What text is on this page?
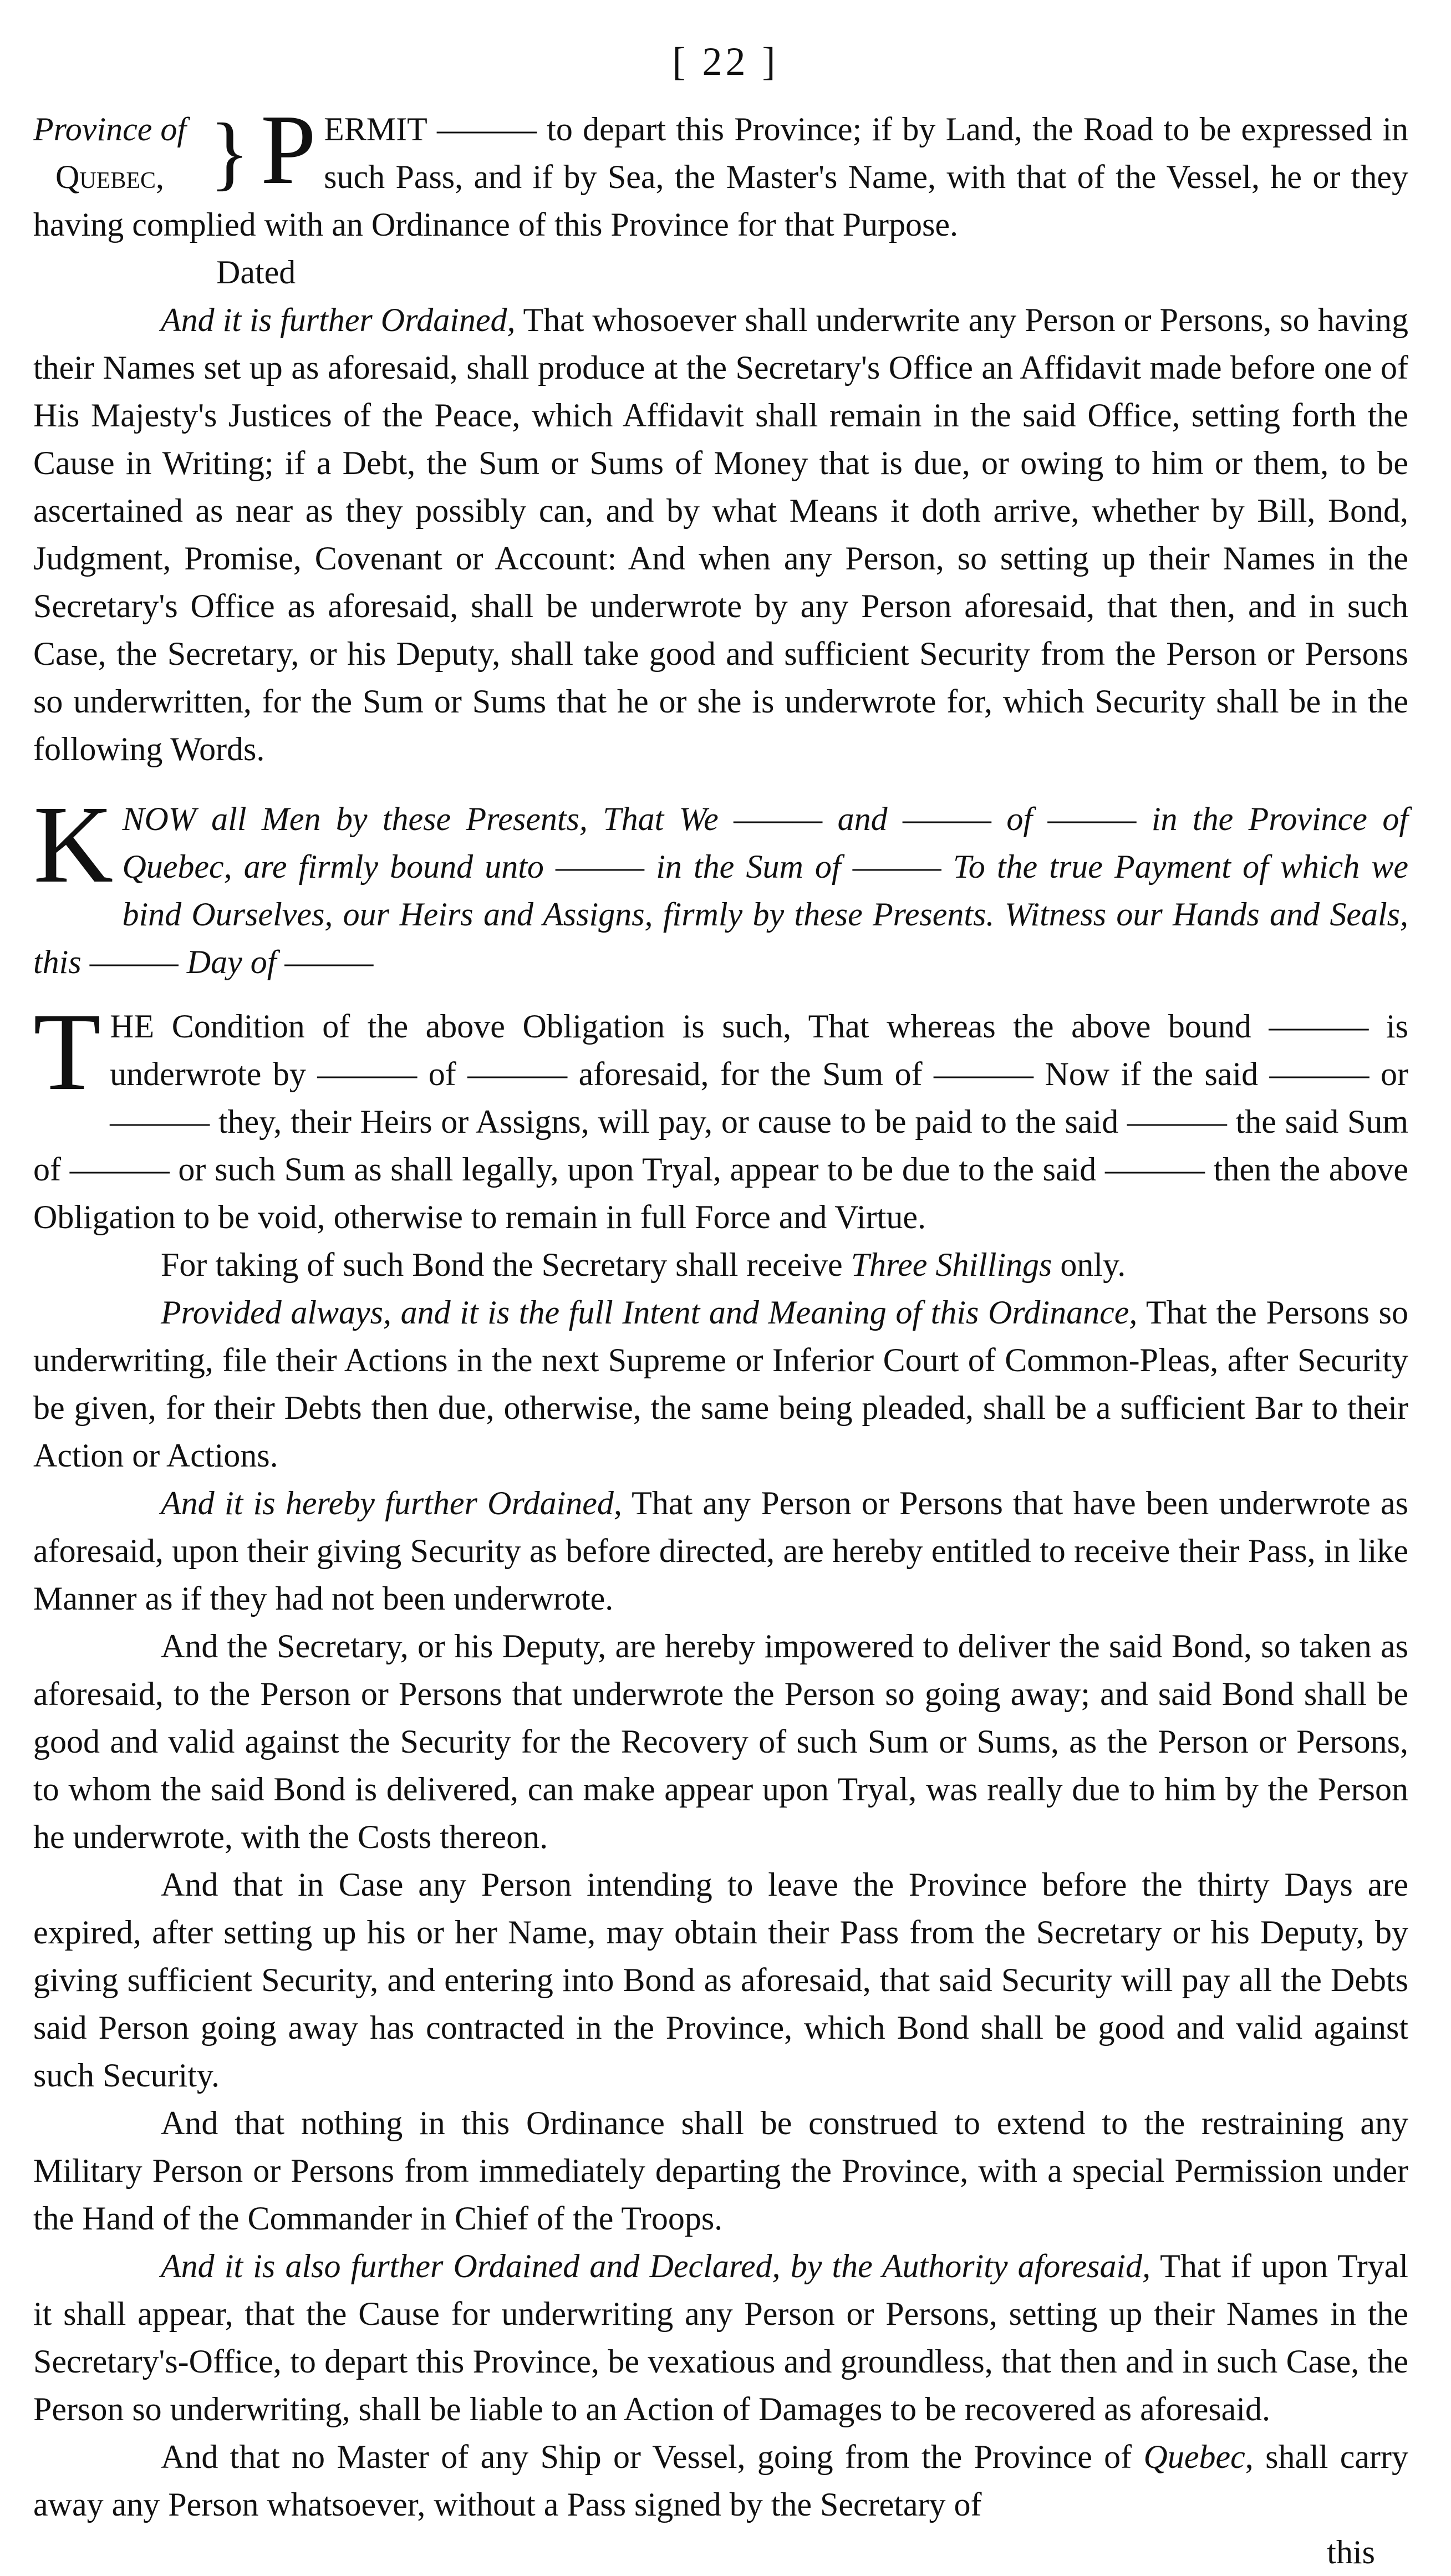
[ 22 ]
Province of
Quebec, } P ERMIT ——— to depart this Province; if by Land, the Road to be expressed in such Pass, and if by Sea, the Master's Name, with that of the Vessel, he or they having complied with an Ordinance of this Province for that Purpose.

Dated

And it is further Ordained, That whosoever shall underwrite any Person or Persons, so having their Names set up as aforesaid, shall produce at the Secretary's Office an Affidavit made before one of His Majesty's Justices of the Peace, which Affidavit shall remain in the said Office, setting forth the Cause in Writing; if a Debt, the Sum or Sums of Money that is due, or owing to him or them, to be ascertained as near as they possibly can, and by what Means it doth arrive, whether by Bill, Bond, Judgment, Promise, Covenant or Account: And when any Person, so setting up their Names in the Secretary's Office as aforesaid, shall be underwrote by any Person aforesaid, that then, and in such Case, the Secretary, or his Deputy, shall take good and sufficient Security from the Person or Persons so underwritten, for the Sum or Sums that he or she is underwrote for, which Security shall be in the following Words.

K NOW all Men by these Presents, That We ——— and ——— of ——— in the Province of Quebec, are firmly bound unto ——— in the Sum of ——— To the true Payment of which we bind Ourselves, our Heirs and Assigns, firmly by these Presents. Witness our Hands and Seals, this ——— Day of ———
T HE Condition of the above Obligation is such, That whereas the above bound ——— is underwrote by ——— of ——— aforesaid, for the Sum of ——— Now if the said ——— or ——— they, their Heirs or Assigns, will pay, or cause to be paid to the said ——— the said Sum of ——— or such Sum as shall legally, upon Tryal, appear to be due to the said ——— then the above Obligation to be void, otherwise to remain in full Force and Virtue.

For taking of such Bond the Secretary shall receive Three Shillings only.

Provided always, and it is the full Intent and Meaning of this Ordinance, That the Persons so underwriting, file their Actions in the next Supreme or Inferior Court of Common-Pleas, after Security be given, for their Debts then due, otherwise, the same being pleaded, shall be a sufficient Bar to their Action or Actions.

And it is hereby further Ordained, That any Person or Persons that have been underwrote as aforesaid, upon their giving Security as before directed, are hereby entitled to receive their Pass, in like Manner as if they had not been underwrote.

And the Secretary, or his Deputy, are hereby impowered to deliver the said Bond, so taken as aforesaid, to the Person or Persons that underwrote the Person so going away; and said Bond shall be good and valid against the Security for the Recovery of such Sum or Sums, as the Person or Persons, to whom the said Bond is delivered, can make appear upon Tryal, was really due to him by the Person he underwrote, with the Costs thereon.

And that in Case any Person intending to leave the Province before the thirty Days are expired, after setting up his or her Name, may obtain their Pass from the Secretary or his Deputy, by giving sufficient Security, and entering into Bond as aforesaid, that said Security will pay all the Debts said Person going away has contracted in the Province, which Bond shall be good and valid against such Security.

And that nothing in this Ordinance shall be construed to extend to the restraining any Military Person or Persons from immediately departing the Province, with a special Permission under the Hand of the Commander in Chief of the Troops.

And it is also further Ordained and Declared, by the Authority aforesaid, That if upon Tryal it shall appear, that the Cause for underwriting any Person or Persons, setting up their Names in the Secretary's-Office, to depart this Province, be vexatious and groundless, that then and in such Case, the Person so underwriting, shall be liable to an Action of Damages to be recovered as aforesaid.

And that no Master of any Ship or Vessel, going from the Province of Quebec, shall carry away any Person whatsoever, without a Pass signed by the Secretary of

this
